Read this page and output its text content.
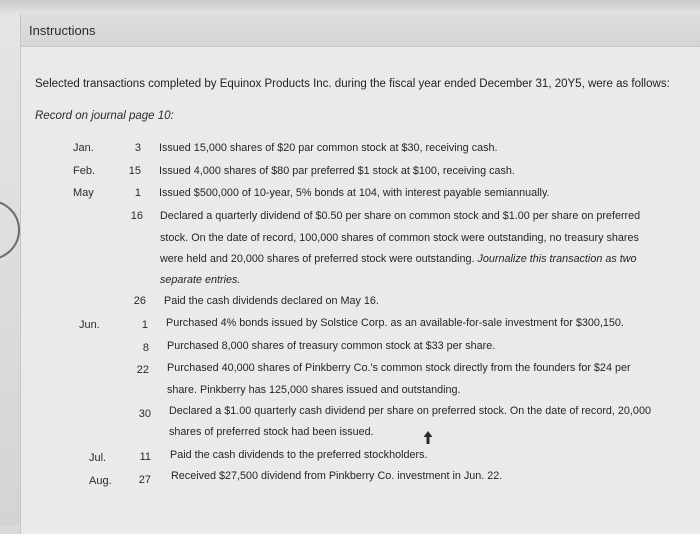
Instructions
Selected transactions completed by Equinox Products Inc. during the fiscal year ended December 31, 20Y5, were as follows:
Record on journal page 10:
Jan.	3 Issued 15,000 shares of $20 par common stock at $30, receiving cash.
Feb.	15 Issued 4,000 shares of $80 par preferred $1 stock at $100, receiving cash.
May	1 Issued $500,000 of 10-year, 5% bonds at 104, with interest payable semiannually.
16 Declared a quarterly dividend of $0.50 per share on common stock and $1.00 per share on preferred
stock. On the date of record, 100,000 shares of common stock were outstanding, no treasury shares
were held and 20,000 shares of preferred stock were outstanding. Journalize this transaction as two
separate entries.
26 Paid the cash dividends declared on May 16.
Jun.	1 Purchased 4% bonds issued by Solstice Corp. as an available-for-sale investment for $300,150.
8 Purchased 8,000 shares of treasury common stock at $33 per share.
22 Purchased 40,000 shares of Pinkberry Co.'s common stock directly from the founders for $24 per
share. Pinkberry has 125,000 shares issued and outstanding.
30 Declared a $1.00 quarterly cash dividend per share on preferred stock. On the date of record, 20,000
shares of preferred stock had been issued.
Jul.	11 Paid the cash dividends to the preferred stockholders.
Aug.	27 Received $27,500 dividend from Pinkberry Co. investment in Jun. 22.
